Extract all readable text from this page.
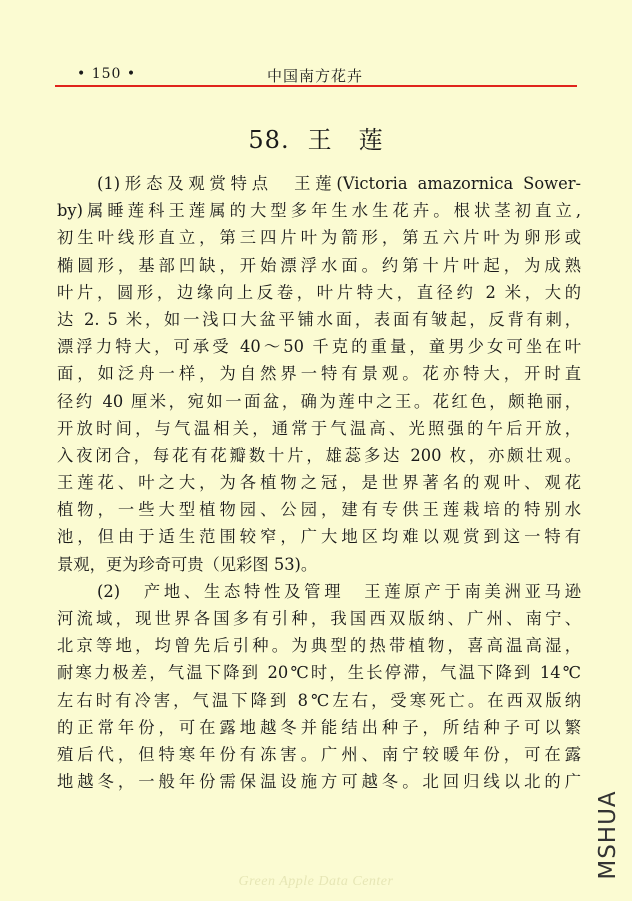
• 150 •	中国南方花卉
58. 王 莲
(1)形态及观赏特点　王莲(Victoria amazornica Sower-
by)属睡莲科王莲属的大型多年生水生花卉。根状茎初直立,
初生叶线形直立，第三四片叶为箭形，第五六片叶为卵形或
椭圆形，基部凹缺，开始漂浮水面。约第十片叶起，为成熟
叶片，圆形，边缘向上反卷，叶片特大，直径约 2 米，大的
达 2. 5 米，如一浅口大盆平铺水面，表面有皱起，反背有刺，
漂浮力特大，可承受 40～50 千克的重量，童男少女可坐在叶
面，如泛舟一样，为自然界一特有景观。花亦特大，开时直
径约 40 厘米，宛如一面盆，确为莲中之王。花红色，颇艳丽，
开放时间，与气温相关，通常于气温高、光照强的午后开放，
入夜闭合，每花有花瓣数十片，雄蕊多达 200 枚，亦颇壮观。
王莲花、叶之大，为各植物之冠，是世界著名的观叶、观花
植物，一些大型植物园、公园，建有专供王莲栽培的特别水
池，但由于适生范围较窄，广大地区均难以观赏到这一特有
景观，更为珍奇可贵（见彩图 53)。
(2)　产地、生态特性及管理　王莲原产于南美洲亚马逊
河流域，现世界各国多有引种，我国西双版纳、广州、南宁、
北京等地，均曾先后引种。为典型的热带植物，喜高温高湿，
耐寒力极差，气温下降到 20℃时，生长停滞，气温下降到 14℃
左右时有冷害，气温下降到 8℃左右，受寒死亡。在西双版纳
的正常年份，可在露地越冬并能结出种子，所结种子可以繁
殖后代，但特寒年份有冻害。广州、南宁较暖年份，可在露
地越冬，一般年份需保温设施方可越冬。北回归线以北的广
Green Apple Data Center
MSHUA
